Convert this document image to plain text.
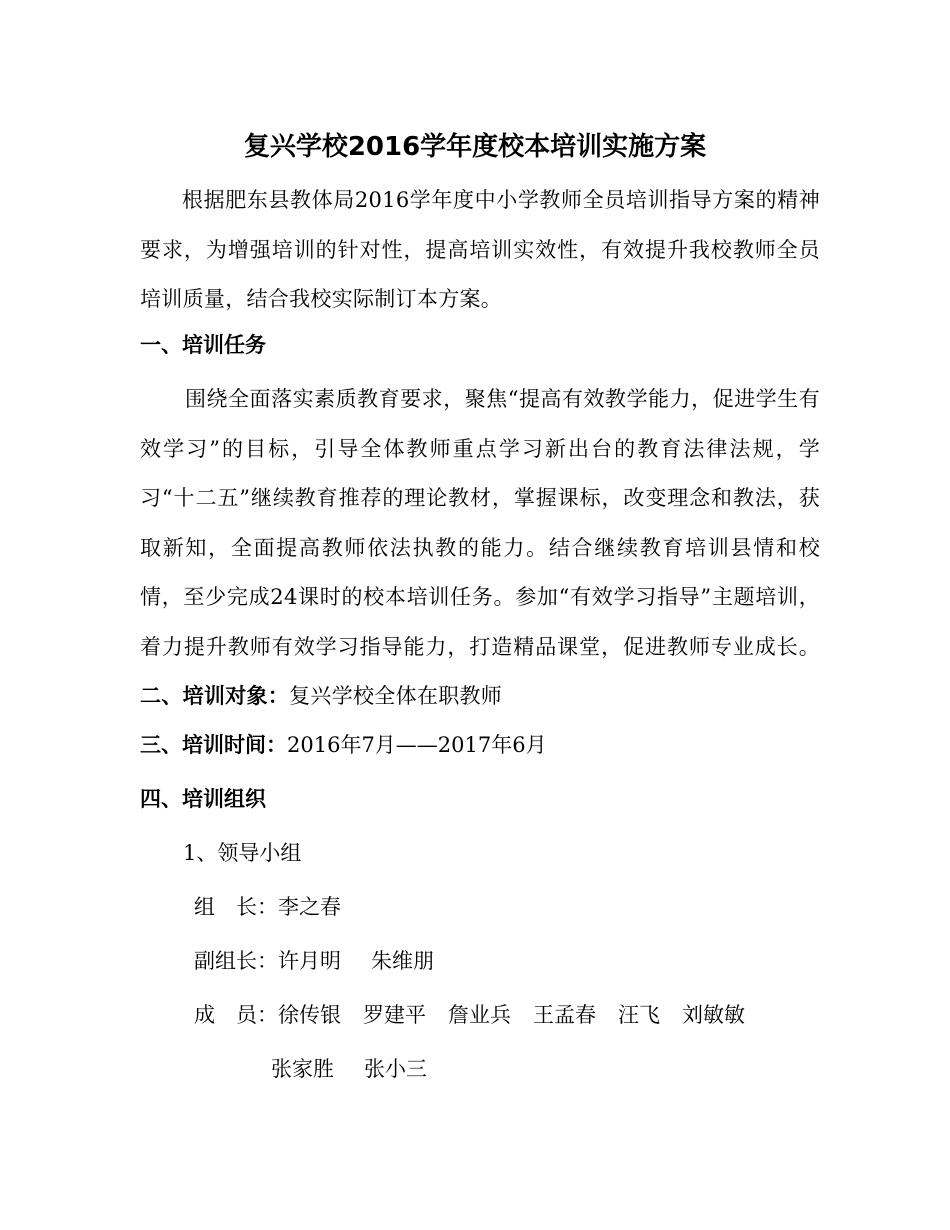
复兴学校2016学年度校本培训实施方案
根据肥东县教体局2016学年度中小学教师全员培训指导方案的精神要求，为增强培训的针对性，提高培训实效性，有效提升我校教师全员培训质量，结合我校实际制订本方案。
一、培训任务
围绕全面落实素质教育要求，聚焦“提高有效教学能力，促进学生有效学习”的目标，引导全体教师重点学习新出台的教育法律法规，学习“十二五”继续教育推荐的理论教材，掌握课标，改变理念和教法，获取新知，全面提高教师依法执教的能力。结合继续教育培训县情和校情，至少完成24课时的校本培训任务。参加“有效学习指导”主题培训，着力提升教师有效学习指导能力，打造精品课堂，促进教师专业成长。二、培训对象：复兴学校全体在职教师
三、培训时间：2016年7月——2017年6月
四、培训组织
1、领导小组
组　长：李之春
副组长：许月明 朱维朋
成　员：徐传银 罗建平 詹业兵 王孟春 汪飞 刘敏敏
张家胜 张小三
